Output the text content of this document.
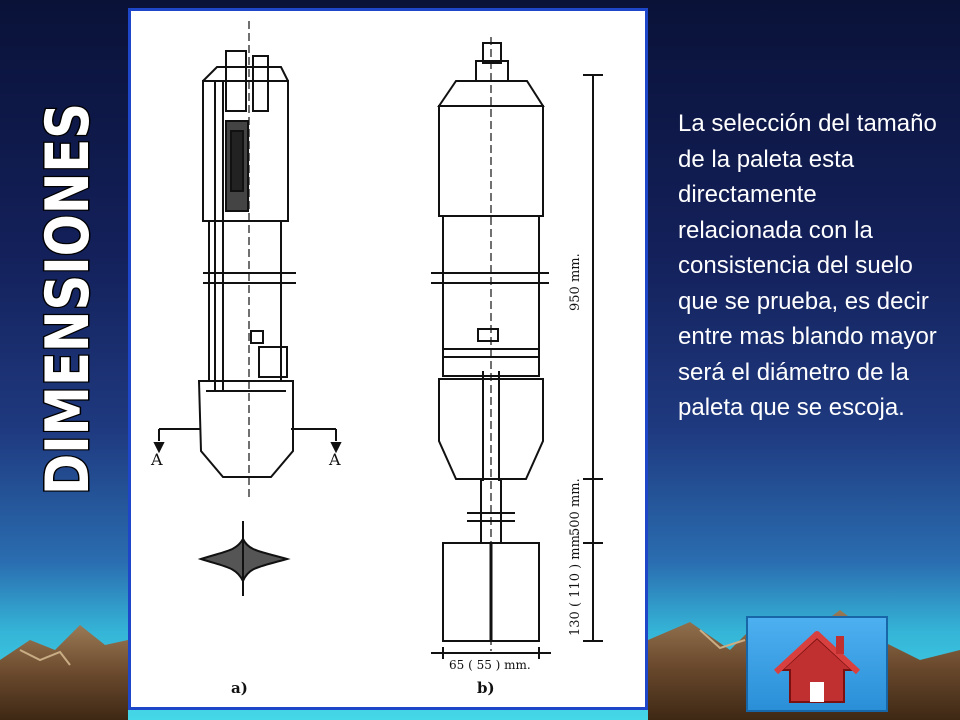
DIMENSIONES	A	A
a)	b)
950 mm.
500 mm.
130 ( 110 ) mm.
65 ( 55 ) mm.
La selección del tamaño de la paleta esta directamente relacionada con la consistencia del suelo que se prueba, es decir entre mas blando mayor será el diámetro de la paleta que se escoja.
